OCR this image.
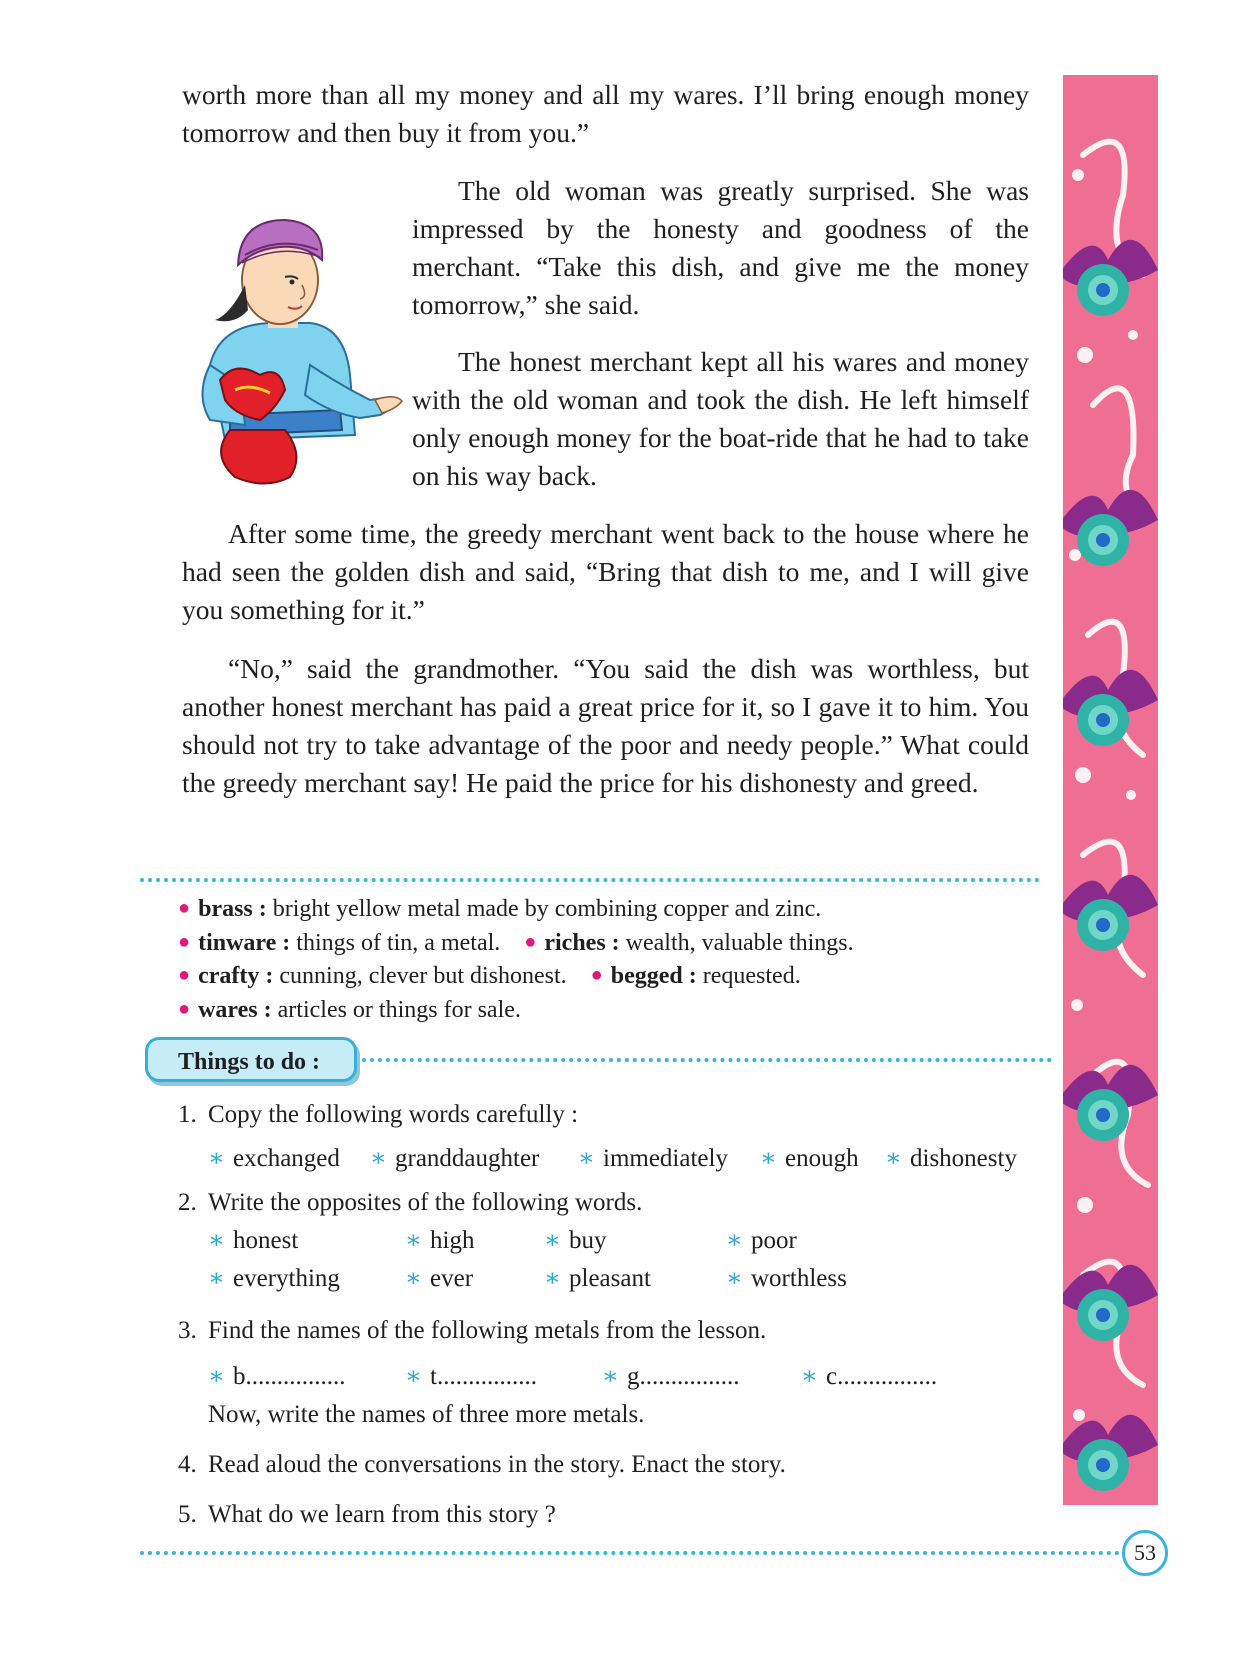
worth more than all my money and all my wares. I’ll bring enough money tomorrow and then buy it from you.”

The old woman was greatly surprised. She was impressed by the honesty and goodness of the merchant. “Take this dish, and give me the money tomorrow,” she said.

The honest merchant kept all his wares and money with the old woman and took the dish. He left himself only enough money for the boat-ride that he had to take on his way back.

After some time, the greedy merchant went back to the house where he had seen the golden dish and said, “Bring that dish to me, and I will give you something for it.”

“No,” said the grandmother. “You said the dish was worthless, but another honest merchant has paid a great price for it, so I gave it to him. You should not try to take advantage of the poor and needy people.” What could the greedy merchant say! He paid the price for his dishonesty and greed.

● brass : bright yellow metal made by combining copper and zinc.
● tinware : things of tin, a metal. ● riches : wealth, valuable things.
● crafty : cunning, clever but dishonest. ● begged : requested.
● wares : articles or things for sale.
Things to do :
1. Copy the following words carefully :
∗ exchanged ∗ granddaughter ∗ immediately ∗ enough ∗ dishonesty
2. Write the opposites of the following words.
∗ honest	∗ high	∗ buy	∗ poor
∗ everything	∗ ever	∗ pleasant	∗ worthless
3. Find the names of the following metals from the lesson.
∗ b................ ∗ t................	∗ g................ ∗ c................
Now, write the names of three more metals.
4. Read aloud the conversations in the story. Enact the story.
5. What do we learn from this story ?
53
